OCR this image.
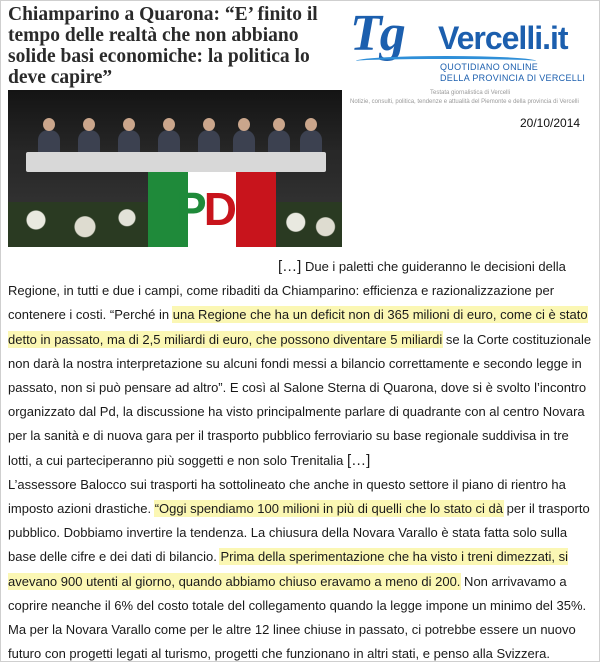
Chiamparino a Quarona: “E’ finito il tempo delle realtà che non abbiano solide basi economiche: la politica lo deve capire”
PD
Tg Vercelli.it
QUOTIDIANO ONLINE
DELLA PROVINCIA DI VERCELLI
Testata giornalistica di Vercelli
Notizie, consulti, politica, tendenze e attualità del Piemonte e della provincia di Vercelli
20/10/2014

[…] Due i paletti che guideranno le decisioni della Regione, in tutti e due i campi, come ribaditi da Chiamparino: efficienza e razionalizzazione per contenere i costi. “Perché in una Regione che ha un deficit non di 365 milioni di euro, come ci è stato detto in passato, ma di 2,5 miliardi di euro, che possono diventare 5 miliardi se la Corte costituzionale non darà la nostra interpretazione su alcuni fondi messi a bilancio correttamente e secondo legge in passato, non si può pensare ad altro”. E così al Salone Sterna di Quarona, dove si è svolto l’incontro organizzato dal Pd, la discussione ha visto principalmente parlare di quadrante con al centro Novara per la sanità e di nuova gara per il trasporto pubblico ferroviario su base regionale suddivisa in tre lotti, a cui parteciperanno più soggetti e non solo Trenitalia […]

L’assessore Balocco sui trasporti ha sottolineato che anche in questo settore il piano di rientro ha imposto azioni drastiche. “Oggi spendiamo 100 milioni in più di quelli che lo stato ci dà per il trasporto pubblico. Dobbiamo invertire la tendenza. La chiusura della Novara Varallo è stata fatta solo sulla base delle cifre e dei dati di bilancio. Prima della sperimentazione che ha visto i treni dimezzati, si avevano 900 utenti al giorno, quando abbiamo chiuso eravamo a meno di 200. Non arrivavamo a coprire neanche il 6% del costo totale del collegamento quando la legge impone un minimo del 35%. Ma per la Novara Varallo come per le altre 12 linee chiuse in passato, ci potrebbe essere un nuovo futuro con progetti legati al turismo, progetti che funzionano in altri stati, e penso alla Svizzera.
